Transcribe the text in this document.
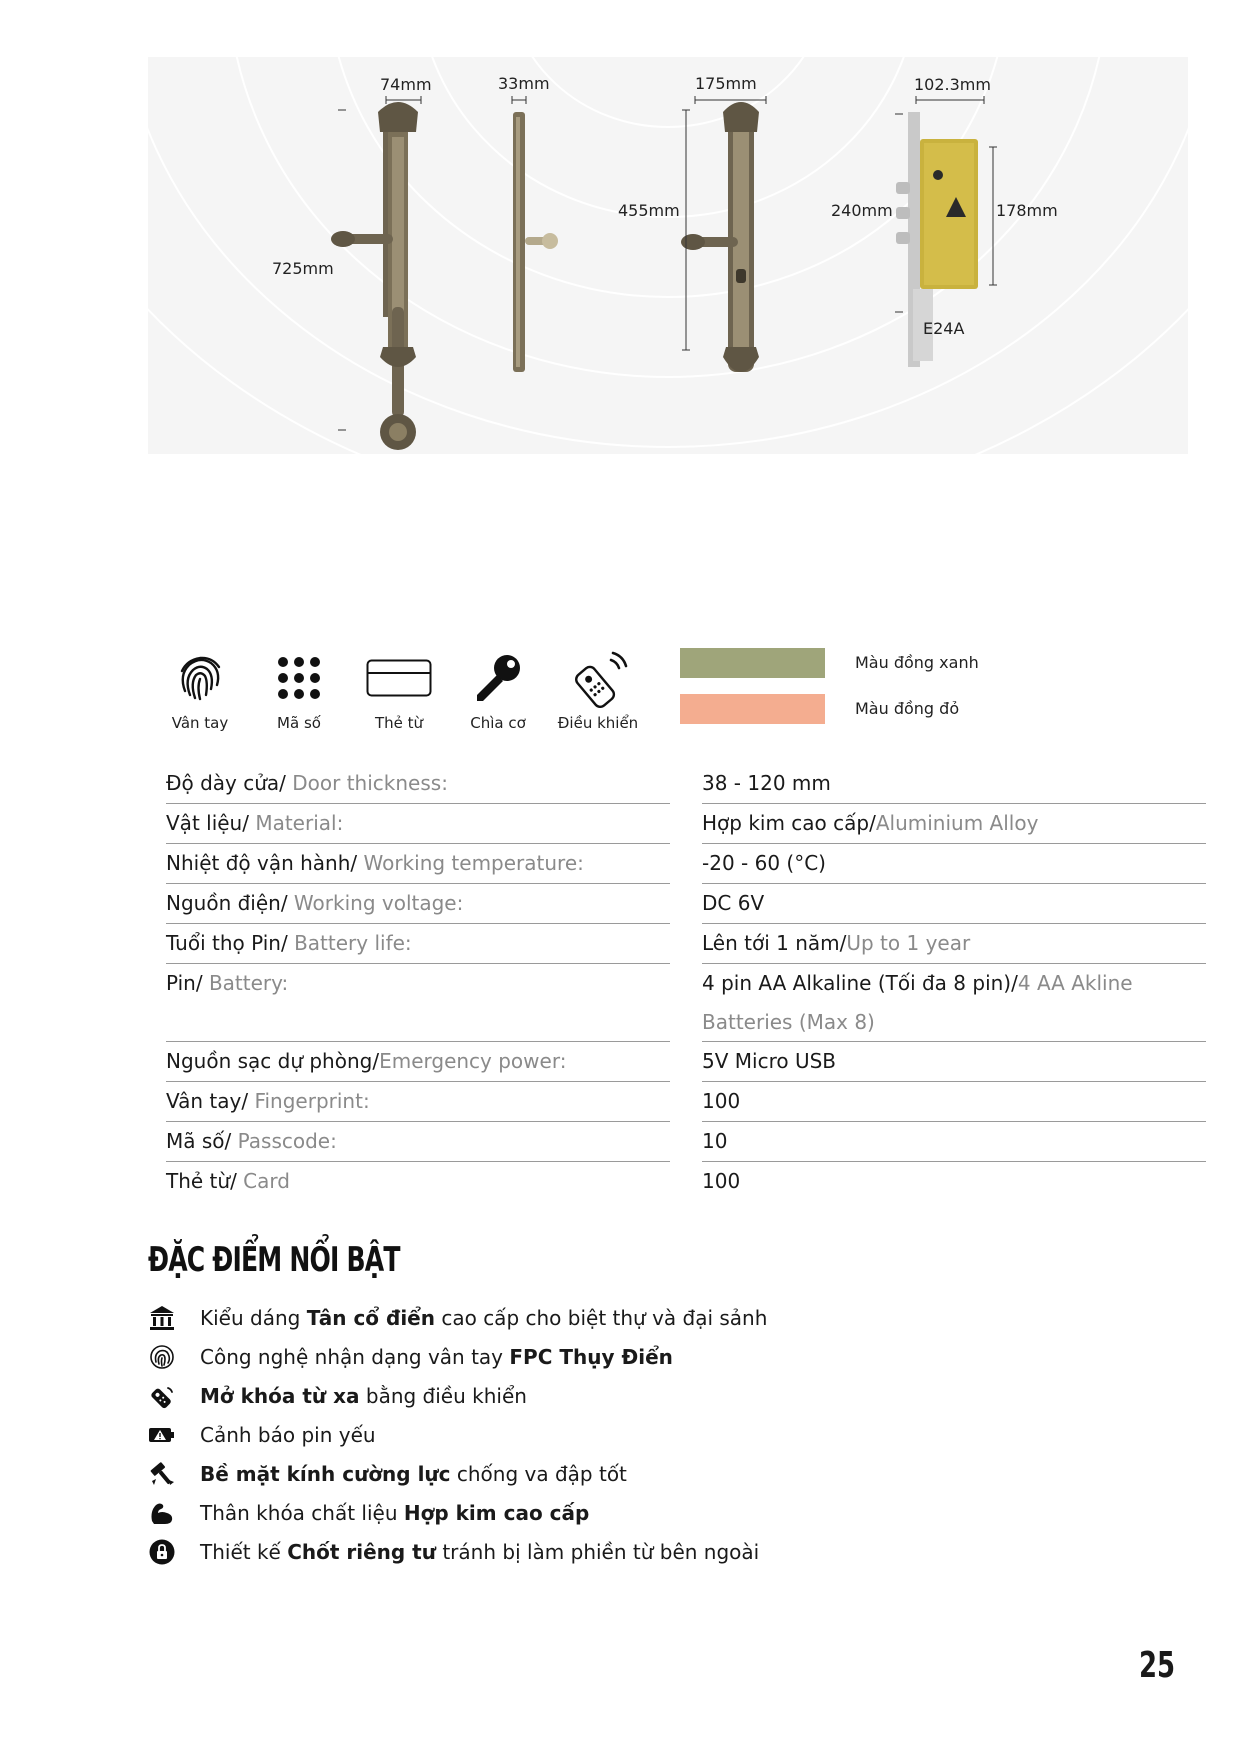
74mm	33mm	175mm	102.3mm
725mm
455mm	240mm	178mm
E24A
Vân tay	Mã số	Thẻ từ	Chìa cơ	Điều khiển
Màu đồng xanh
Màu đồng đỏ
Độ dày cửa/ Door thickness:	38 - 120 mm
Vật liệu/ Material:	Hợp kim cao cấp/Aluminium Alloy
Nhiệt độ vận hành/ Working temperature:	-20 - 60 (°C)
Nguồn điện/ Working voltage:	DC 6V
Tuổi thọ Pin/ Battery life:	Lên tới 1 năm/Up to 1 year
Pin/ Battery:	4 pin AA Alkaline (Tối đa 8 pin)/4 AA Akline Batteries (Max 8)
Nguồn sạc dự phòng/Emergency power:	5V Micro USB
Vân tay/ Fingerprint:	100
Mã số/ Passcode:	10
Thẻ từ/ Card	100
ĐẶC ĐIỂM NỔI BẬT
Kiểu dáng Tân cổ điển cao cấp cho biệt thự và đại sảnh
Công nghệ nhận dạng vân tay FPC Thụy Điển
Mở khóa từ xa bằng điều khiển
Cảnh báo pin yếu
Bề mặt kính cường lực chống va đập tốt
Thân khóa chất liệu Hợp kim cao cấp
Thiết kế Chốt riêng tư tránh bị làm phiền từ bên ngoài
25
